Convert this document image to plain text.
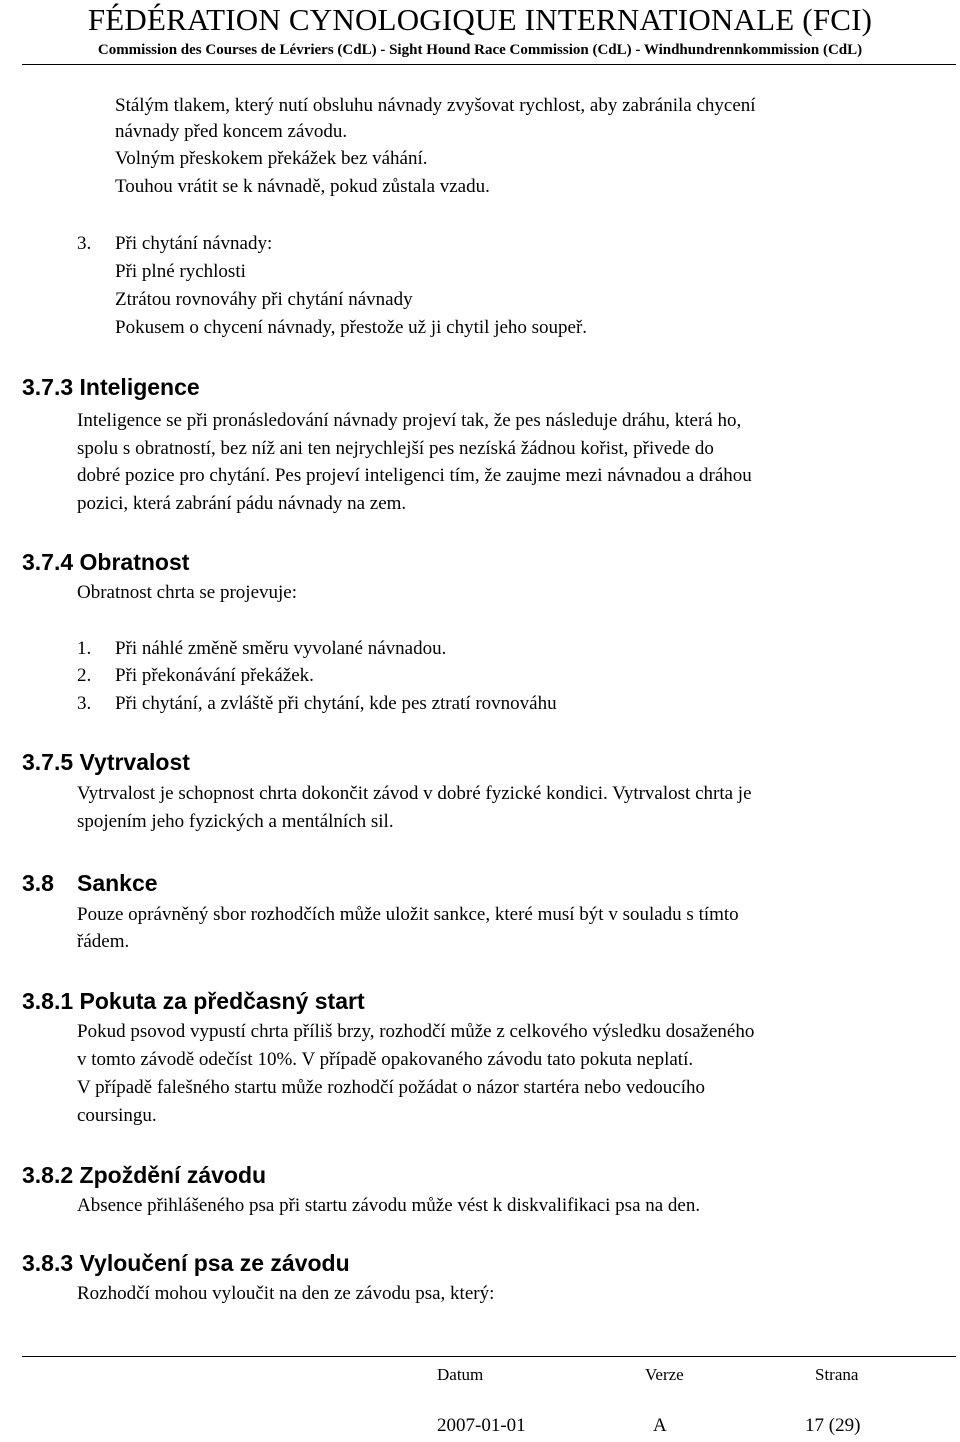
FÉDÉRATION CYNOLOGIQUE INTERNATIONALE (FCI)
Commission des Courses de Lévriers (CdL) - Sight Hound Race Commission (CdL) - Windhundrennkommission (CdL)
Stálým tlakem, který nutí obsluhu návnady zvyšovat rychlost, aby zabránila chycení
návnady před koncem závodu.
Volným přeskokem překážek bez váhání.
Touhou vrátit se k návnadě, pokud zůstala vzadu.
3. Při chytání návnady:
Při plné rychlosti
Ztrátou rovnováhy při chytání návnady
Pokusem o chycení návnady, přestože už ji chytil jeho soupeř.
3.7.3 Inteligence
Inteligence se při pronásledování návnady projeví tak, že pes následuje dráhu, která ho,
spolu s obratností, bez níž ani ten nejrychlejší pes nezíská žádnou kořist, přivede do
dobré pozice pro chytání. Pes projeví inteligenci tím, že zaujme mezi návnadou a dráhou
pozici, která zabrání pádu návnady na zem.
3.7.4 Obratnost
Obratnost chrta se projevuje:
1. Při náhlé změně směru vyvolané návnadou.
2. Při překonávání překážek.
3. Při chytání, a zvláště při chytání, kde pes ztratí rovnováhu
3.7.5 Vytrvalost
Vytrvalost je schopnost chrta dokončit závod v dobré fyzické kondici. Vytrvalost chrta je
spojením jeho fyzických a mentálních sil.
3.8 Sankce
Pouze oprávněný sbor rozhodčích může uložit sankce, které musí být v souladu s tímto
řádem.
3.8.1 Pokuta za předčasný start
Pokud psovod vypustí chrta příliš brzy, rozhodčí může z celkového výsledku dosaženého
v tomto závodě odečíst 10%. V případě opakovaného závodu tato pokuta neplatí.
V případě falešného startu může rozhodčí požádat o názor startéra nebo vedoucího
coursingu.
3.8.2 Zpoždění závodu
Absence přihlášeného psa při startu závodu může vést k diskvalifikaci psa na den.
3.8.3 Vyloučení psa ze závodu
Rozhodčí mohou vyloučit na den ze závodu psa, který:
Datum	Verze	Strana
2007-01-01	A	17 (29)
